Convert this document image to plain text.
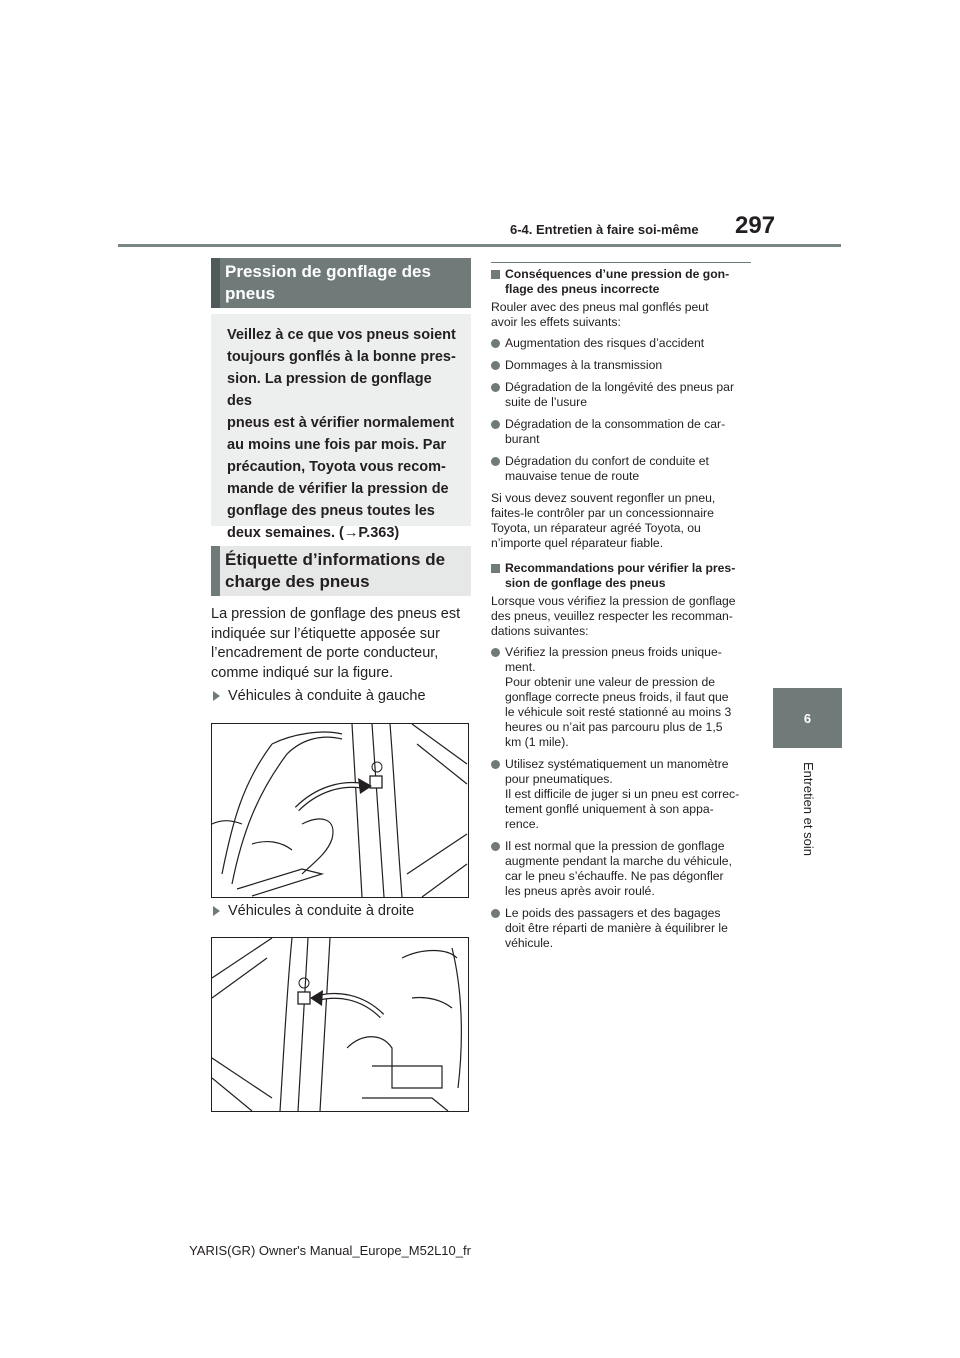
6-4. Entretien à faire soi-même 297
6
Entretien et soin
Pression de gonflage des
pneus
Veillez à ce que vos pneus soient
toujours gonflés à la bonne pres-
sion. La pression de gonflage des
pneus est à vérifier normalement
au moins une fois par mois. Par
précaution, Toyota vous recom-
mande de vérifier la pression de
gonflage des pneus toutes les
deux semaines. (→P.363)
Étiquette d’informations de
charge des pneus
La pression de gonflage des pneus est
indiquée sur l’étiquette apposée sur
l’encadrement de porte conducteur,
comme indiqué sur la figure.
Véhicules à conduite à gauche
Véhicules à conduite à droite
Conséquences d’une pression de gon-
flage des pneus incorrecte
Rouler avec des pneus mal gonflés peut
avoir les effets suivants:
Augmentation des risques d’accident
Dommages à la transmission
Dégradation de la longévité des pneus par
suite de l’usure
Dégradation de la consommation de car-
burant
Dégradation du confort de conduite et
mauvaise tenue de route
Si vous devez souvent regonfler un pneu,
faites-le contrôler par un concessionnaire
Toyota, un réparateur agréé Toyota, ou
n’importe quel réparateur fiable.
Recommandations pour vérifier la pres-
sion de gonflage des pneus
Lorsque vous vérifiez la pression de gonflage
des pneus, veuillez respecter les recomman-
dations suivantes:
Vérifiez la pression pneus froids unique-
ment.
Pour obtenir une valeur de pression de
gonflage correcte pneus froids, il faut que
le véhicule soit resté stationné au moins 3
heures ou n’ait pas parcouru plus de 1,5
km (1 mile).
Utilisez systématiquement un manomètre
pour pneumatiques.
Il est difficile de juger si un pneu est correc-
tement gonflé uniquement à son appa-
rence.
Il est normal que la pression de gonflage
augmente pendant la marche du véhicule,
car le pneu s’échauffe. Ne pas dégonfler
les pneus après avoir roulé.
Le poids des passagers et des bagages
doit être réparti de manière à équilibrer le
véhicule.
YARIS(GR) Owner's Manual_Europe_M52L10_fr
